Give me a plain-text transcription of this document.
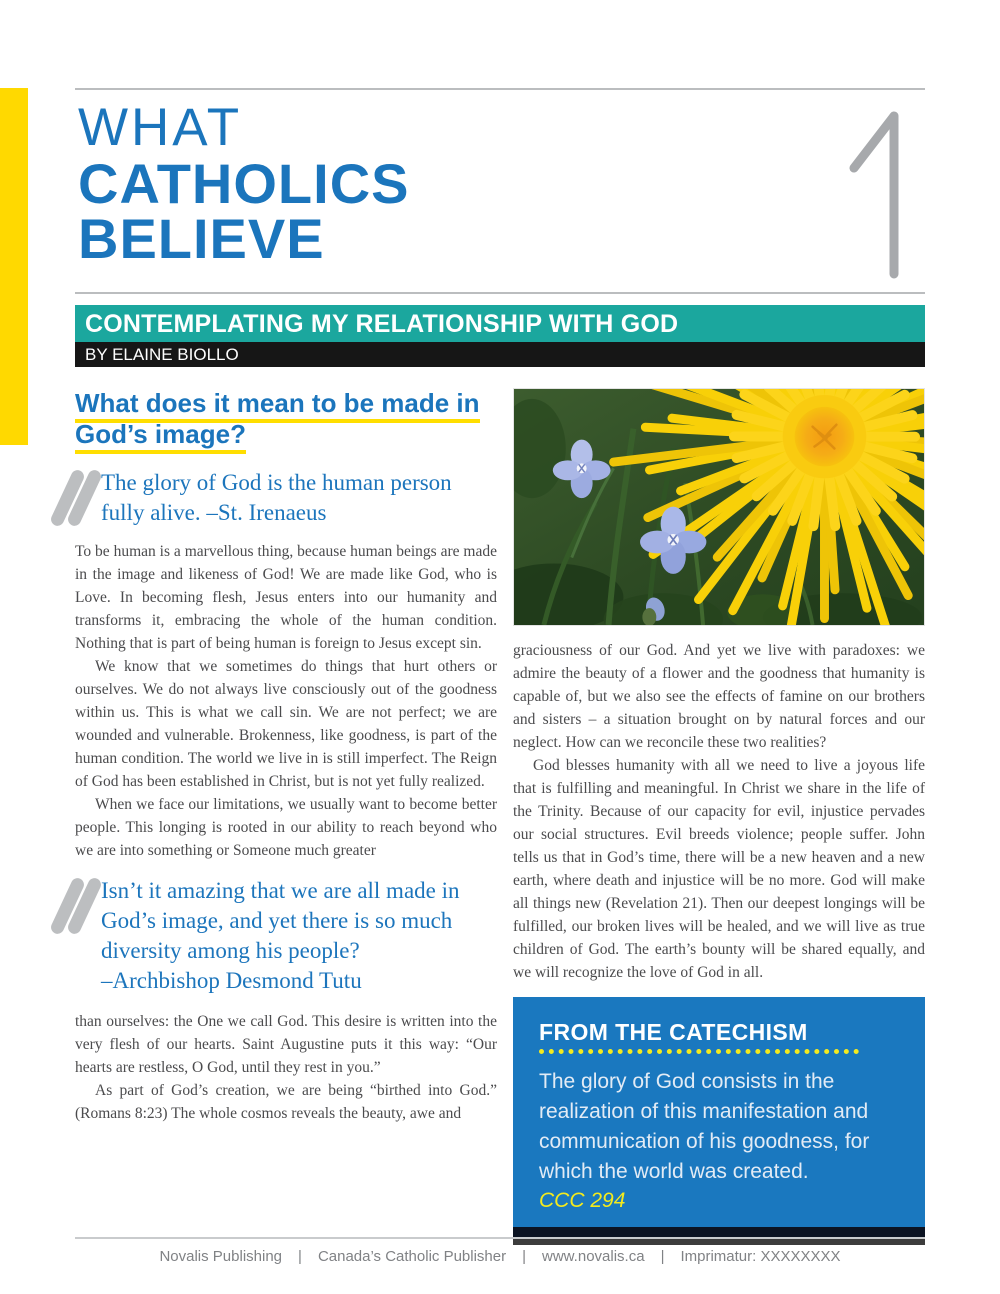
WHAT
CATHOLICS
BELIEVE
CONTEMPLATING MY RELATIONSHIP WITH GOD
BY ELAINE BIOLLO
What does it mean to be made in God’s image?
The glory of God is the human person fully alive. –St. Irenaeus

To be human is a marvellous thing, because human beings are made in the image and likeness of God! We are made like God, who is Love. In becoming flesh, Jesus enters into our humanity and transforms it, embracing the whole of the human condition. Nothing that is part of being human is foreign to Jesus except sin.

We know that we sometimes do things that hurt others or ourselves. We do not always live consciously out of the goodness within us. This is what we call sin. We are not perfect; we are wounded and vulnerable. Brokenness, like goodness, is part of the human condition. The world we live in is still imperfect. The Reign of God has been established in Christ, but is not yet fully realized.

When we face our limitations, we usually want to become better people. This longing is rooted in our ability to reach beyond who we are into something or Someone much greater

Isn’t it amazing that we are all made in God’s image, and yet there is so much diversity among his people?
–Archbishop Desmond Tutu

than ourselves: the One we call God. This desire is written into the very flesh of our hearts. Saint Augustine puts it this way: “Our hearts are restless, O God, until they rest in you.”

As part of God’s creation, we are being “birthed into God.” (Romans 8:23) The whole cosmos reveals the beauty, awe and

graciousness of our God. And yet we live with paradoxes: we admire the beauty of a flower and the goodness that humanity is capable of, but we also see the effects of famine on our brothers and sisters – a situation brought on by natural forces and our neglect. How can we reconcile these two realities?

God blesses humanity with all we need to live a joyous life that is fulfilling and meaningful. In Christ we share in the life of the Trinity. Because of our capacity for evil, injustice pervades our social structures. Evil breeds violence; people suffer. John tells us that in God’s time, there will be a new heaven and a new earth, where death and injustice will be no more. God will make all things new (Revelation 21). Then our deepest longings will be fulfilled, our broken lives will be healed, and we will live as true children of God. The earth’s bounty will be shared equally, and we will recognize the love of God in all.

FROM THE CATECHISM

The glory of God consists in the realization of this manifestation and communication of his goodness, for which the world was created.

CCC 294

Novalis Publishing | Canada’s Catholic Publisher | www.novalis.ca | Imprimatur: XXXXXXXX
